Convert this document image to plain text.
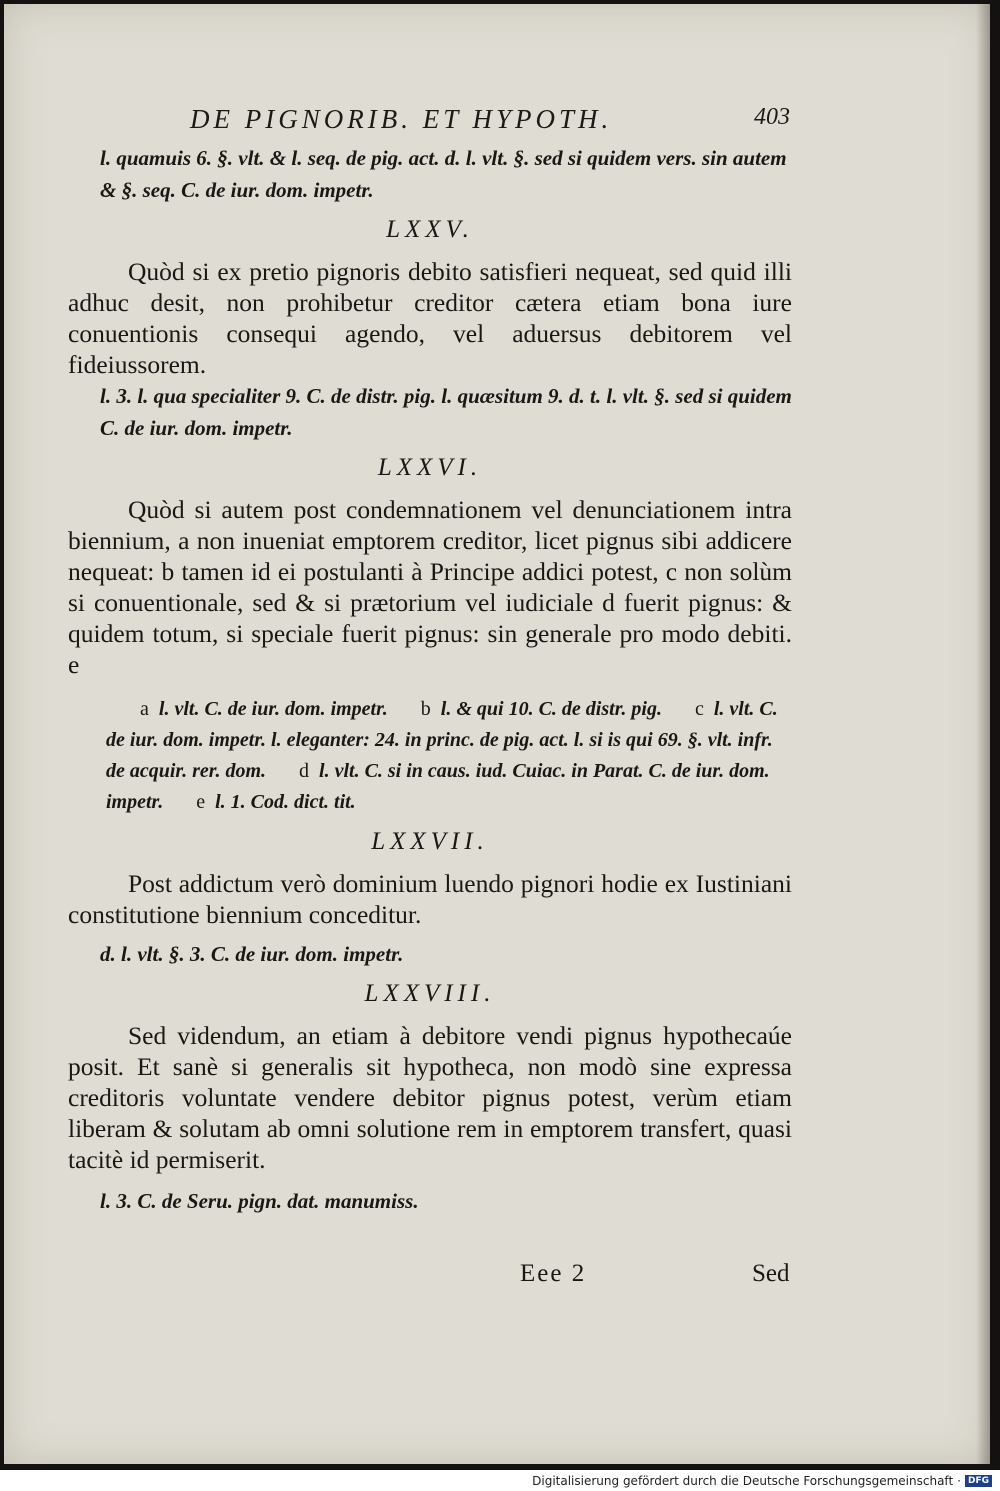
DE PIGNORIB. ET HYPOTH.	403

l. quamuis 6. §. vlt. & l. seq. de pig. act. d. l. vlt. §. sed si quidem vers. sin autem & §. seq. C. de iur. dom. impetr.

LXXV.

Quòd si ex pretio pignoris debito satisfieri nequeat, sed quid illi adhuc desit, non prohibetur creditor cætera etiam bona iure conuentionis consequi agendo, vel aduersus debitorem vel fideiussorem.

l. 3. l. qua specialiter 9. C. de distr. pig. l. quæsitum 9. d. t. l. vlt. §. sed si quidem C. de iur. dom. impetr.

LXXVI.

Quòd si autem post condemnationem vel denunciationem intra biennium, a non inueniat emptorem creditor, licet pignus sibi addicere nequeat: b tamen id ei postulanti à Principe addici potest, c non solùm si conuentionale, sed & si prætorium vel iudiciale d fuerit pignus: & quidem totum, si speciale fuerit pignus: sin generale pro modo debiti. e

a l. vlt. C. de iur. dom. impetr. b l. & qui 10. C. de distr. pig. c l. vlt. C. de iur. dom. impetr. l. eleganter: 24. in princ. de pig. act. l. si is qui 69. §. vlt. infr. de acquir. rer. dom. d l. vlt. C. si in caus. iud. Cuiac. in Parat. C. de iur. dom. impetr. e l. 1. Cod. dict. tit.

LXXVII.

Post addictum verò dominium luendo pignori hodie ex Iustiniani constitutione biennium conceditur.

d. l. vlt. §. 3. C. de iur. dom. impetr.

LXXVIII.

Sed videndum, an etiam à debitore vendi pignus hypothecaúe posit. Et sanè si generalis sit hypotheca, non modò sine expressa creditoris voluntate vendere debitor pignus potest, verùm etiam liberam & solutam ab omni solutione rem in emptorem transfert, quasi tacitè id permiserit.

l. 3. C. de Seru. pign. dat. manumiss.

Eee 2	Sed
Digitalisierung gefördert durch die Deutsche Forschungsgemeinschaft · DFG
